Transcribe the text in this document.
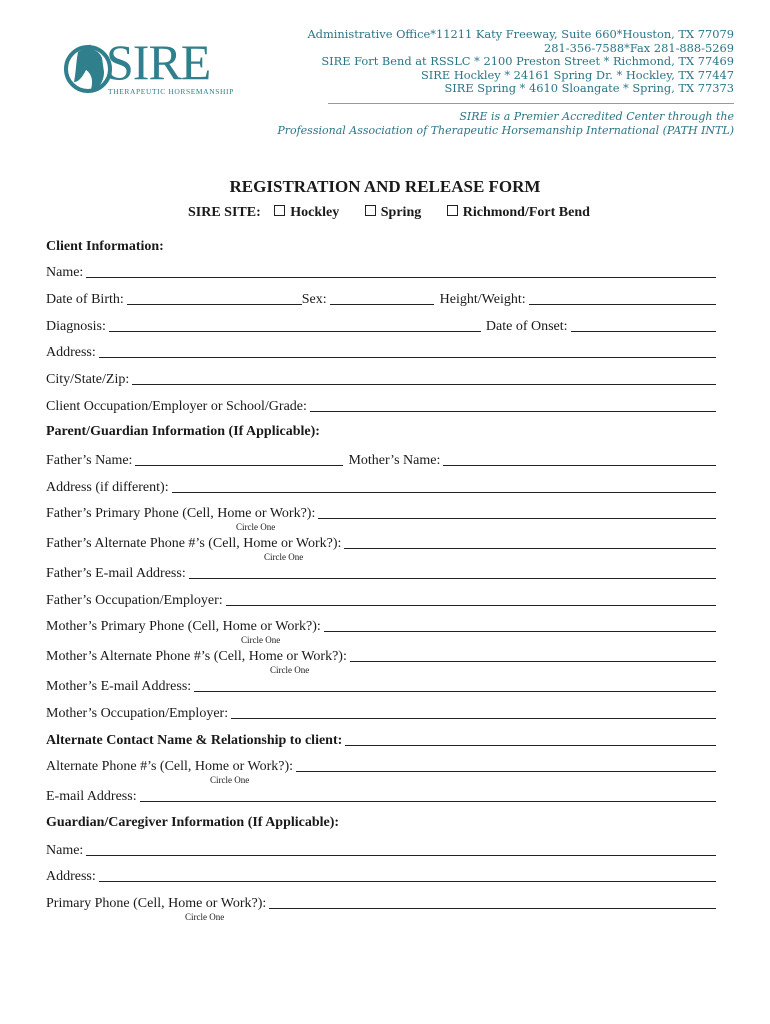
SIRE
THERAPEUTIC HORSEMANSHIP
Administrative Office*11211 Katy Freeway, Suite 660*Houston, TX 77079
281-356-7588*Fax 281-888-5269
SIRE Fort Bend at RSSLC * 2100 Preston Street * Richmond, TX 77469
SIRE Hockley * 24161 Spring Dr. * Hockley, TX 77447
SIRE Spring * 4610 Sloangate * Spring, TX 77373
SIRE is a Premier Accredited Center through the
Professional Association of Therapeutic Horsemanship International (PATH INTL)
REGISTRATION AND RELEASE FORM
SIRE SITE: Hockley	Spring	Richmond/Fort Bend
Client Information:
Name:
Date of Birth:	Sex:	Height/Weight:
Diagnosis:	Date of Onset:
Address:
City/State/Zip:
Client Occupation/Employer or School/Grade:
Parent/Guardian Information (If Applicable):
Father’s Name:	Mother’s Name:
Address (if different):
Father’s Primary Phone (Cell, Home or Work?):
Circle One
Father’s Alternate Phone #’s (Cell, Home or Work?):
Circle One
Father’s E-mail Address:
Father’s Occupation/Employer:
Mother’s Primary Phone (Cell, Home or Work?):
Circle One
Mother’s Alternate Phone #’s (Cell, Home or Work?):
Circle One
Mother’s E-mail Address:
Mother’s Occupation/Employer:
Alternate Contact Name & Relationship to client:
Alternate Phone #’s (Cell, Home or Work?):
Circle One
E-mail Address:
Guardian/Caregiver Information (If Applicable):
Name:
Address:
Primary Phone (Cell, Home or Work?):
Circle One
